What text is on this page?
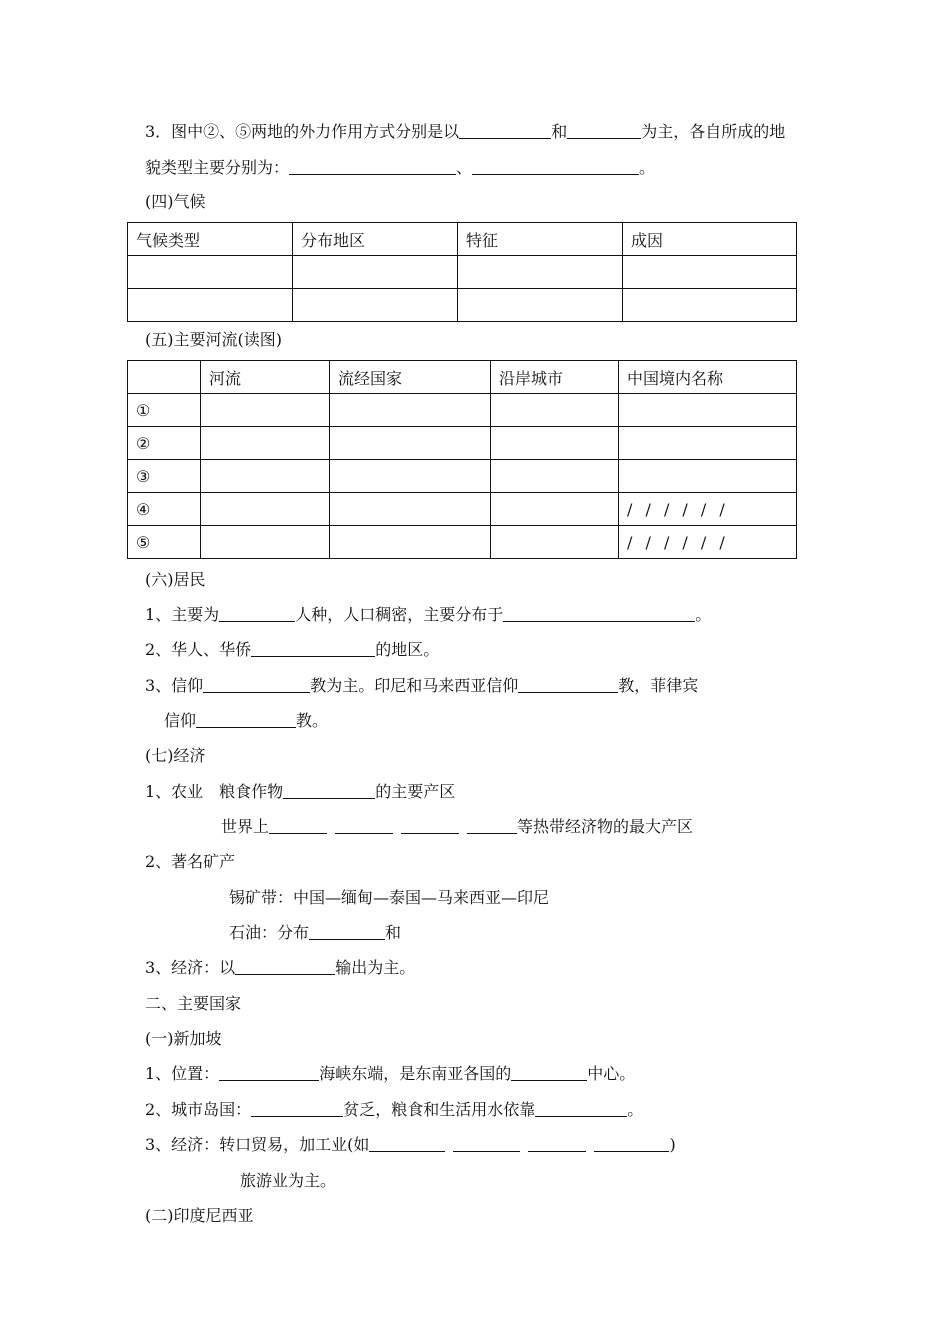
3．图中②、⑤两地的外力作用方式分别是以	和	为主，各自所成的地
貌类型主要分别为：	、	。
(四)气候
气候类型	分布地区	特征	成因

(五)主要河流(读图)
	河流	流经国家	沿岸城市	中国境内名称
①				
②				
③				
④				/ / / / / /
⑤				/ / / / / /
(六)居民
1、主要为	人种，人口稠密，主要分布于	。
2、华人、华侨	的地区。
3、信仰	教为主。印尼和马来西亚信仰	教，菲律宾
信仰	教。
(七)经济
1、农业　粮食作物	的主要产区
世界上	等热带经济物的最大产区
2、著名矿产
锡矿带：中国—缅甸—泰国—马来西亚—印尼
石油：分布	和
3、经济：以	输出为主。
二、主要国家
(一)新加坡
1、位置：	海峡东端，是东南亚各国的	中心。
2、城市岛国：	贫乏，粮食和生活用水依靠	。
3、经济：转口贸易，加工业(如	)
旅游业为主。
(二)印度尼西亚
